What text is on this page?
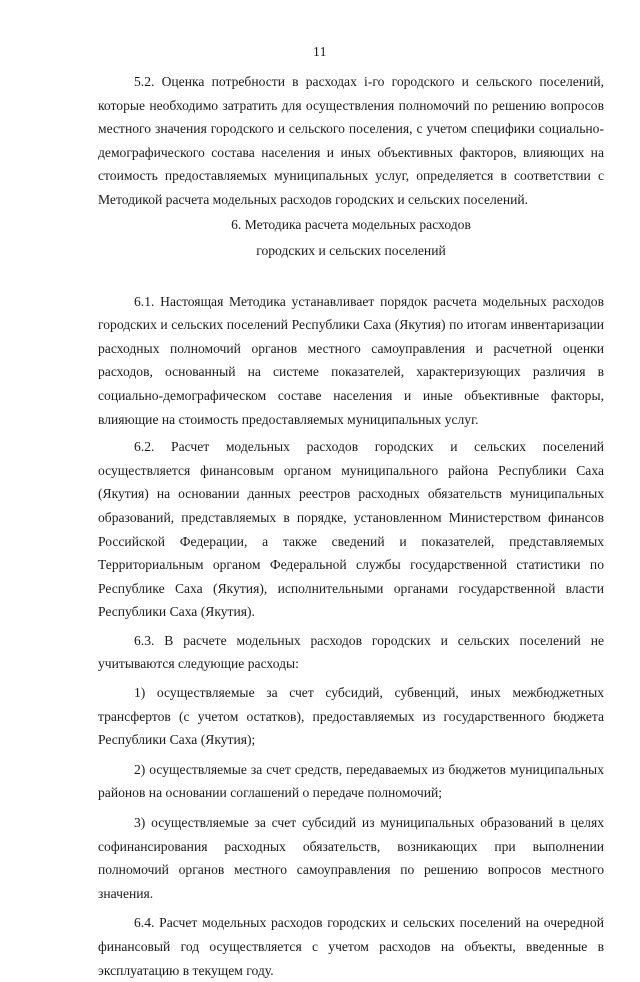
11

5.2. Оценка потребности в расходах i-го городского и сельского поселений, которые необходимо затратить для осуществления полномочий по решению вопросов местного значения городского и сельского поселения, с учетом специфики социально-демографического состава населения и иных объективных факторов, влияющих на стоимость предоставляемых муниципальных услуг, определяется в соответствии с Методикой расчета модельных расходов городских и сельских поселений.

6. Методика расчета модельных расходов

городских и сельских поселений

6.1. Настоящая Методика устанавливает порядок расчета модельных расходов городских и сельских поселений Республики Саха (Якутия) по итогам инвентаризации расходных полномочий органов местного самоуправления и расчетной оценки расходов, основанный на системе показателей, характеризующих различия в социально-демографическом составе населения и иные объективные факторы, влияющие на стоимость предоставляемых муниципальных услуг.

6.2. Расчет модельных расходов городских и сельских поселений осуществляется финансовым органом муниципального района Республики Саха (Якутия) на основании данных реестров расходных обязательств муниципальных образований, представляемых в порядке, установленном Министерством финансов Российской Федерации, а также сведений и показателей, представляемых Территориальным органом Федеральной службы государственной статистики по Республике Саха (Якутия), исполнительными органами государственной власти Республики Саха (Якутия).

6.3. В расчете модельных расходов городских и сельских поселений не учитываются следующие расходы:

1) осуществляемые за счет субсидий, субвенций, иных межбюджетных трансфертов (с учетом остатков), предоставляемых из государственного бюджета Республики Саха (Якутия);

2) осуществляемые за счет средств, передаваемых из бюджетов муниципальных районов на основании соглашений о передаче полномочий;

3) осуществляемые за счет субсидий из муниципальных образований в целях софинансирования расходных обязательств, возникающих при выполнении полномочий органов местного самоуправления по решению вопросов местного значения.

6.4. Расчет модельных расходов городских и сельских поселений на очередной финансовый год осуществляется с учетом расходов на объекты, введенные в эксплуатацию в текущем году.
